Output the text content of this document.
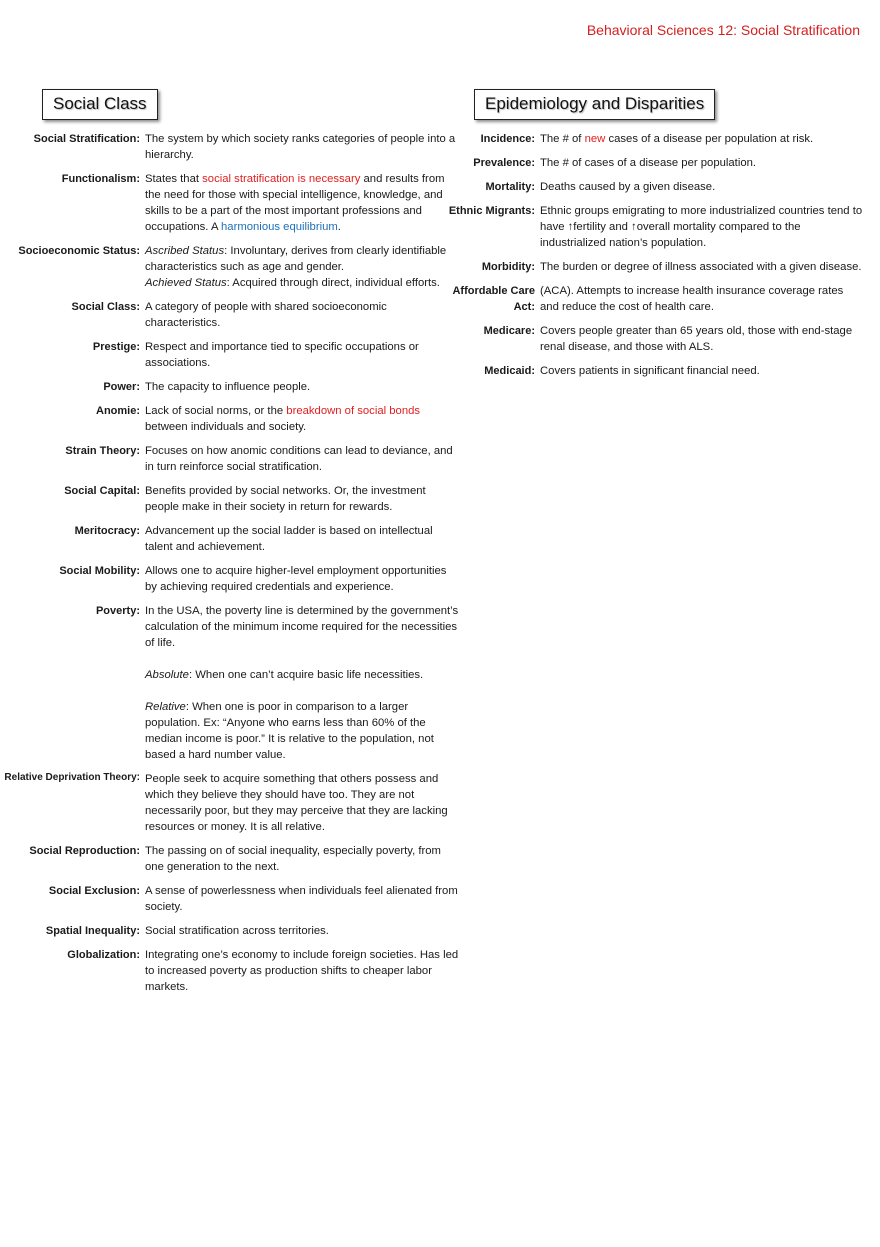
Behavioral Sciences 12: Social Stratification
Social Class	Epidemiology and Disparities
Social Stratification: The system by which society ranks categories of people into a hierarchy.
Functionalism: States that social stratification is necessary and results from the need for those with special intelligence, knowledge, and skills to be a part of the most important professions and occupations. A harmonious equilibrium.
Socioeconomic Status: Ascribed Status: Involuntary, derives from clearly identifiable characteristics such as age and gender.

Achieved Status: Acquired through direct, individual efforts.

Social Class: A category of people with shared socioeconomic characteristics.
Prestige: Respect and importance tied to specific occupations or associations.
Power: The capacity to influence people.
Anomie: Lack of social norms, or the breakdown of social bonds between individuals and society.
Strain Theory: Focuses on how anomic conditions can lead to deviance, and in turn reinforce social stratification.
Social Capital: Benefits provided by social networks. Or, the investment people make in their society in return for rewards.
Meritocracy: Advancement up the social ladder is based on intellectual talent and achievement.
Social Mobility: Allows one to acquire higher-level employment opportunities by achieving required credentials and experience.
Poverty: In the USA, the poverty line is determined by the government’s calculation of the minimum income required for the necessities of life.

Absolute: When one can’t acquire basic life necessities.

Relative: When one is poor in comparison to a larger population. Ex: “Anyone who earns less than 60% of the median income is poor.” It is relative to the population, not based a hard number value.

Relative Deprivation Theory: People seek to acquire something that others possess and which they believe they should have too. They are not necessarily poor, but they may perceive that they are lacking resources or money. It is all relative.
Social Reproduction: The passing on of social inequality, especially poverty, from one generation to the next.
Social Exclusion: A sense of powerlessness when individuals feel alienated from society.
Spatial Inequality: Social stratification across territories.
Globalization: Integrating one’s economy to include foreign societies. Has led to increased poverty as production shifts to cheaper labor markets.
Incidence: The # of new cases of a disease per population at risk.
Prevalence: The # of cases of a disease per population.
Mortality: Deaths caused by a given disease.
Ethnic Migrants: Ethnic groups emigrating to more industrialized countries tend to have ↑fertility and ↑overall mortality compared to the industrialized nation’s population.
Morbidity: The burden or degree of illness associated with a given disease.
Affordable Care Act:
(ACA). Attempts to increase health insurance coverage rates and reduce the cost of health care.
Medicare: Covers people greater than 65 years old, those with end-stage renal disease, and those with ALS.
Medicaid: Covers patients in significant financial need.
